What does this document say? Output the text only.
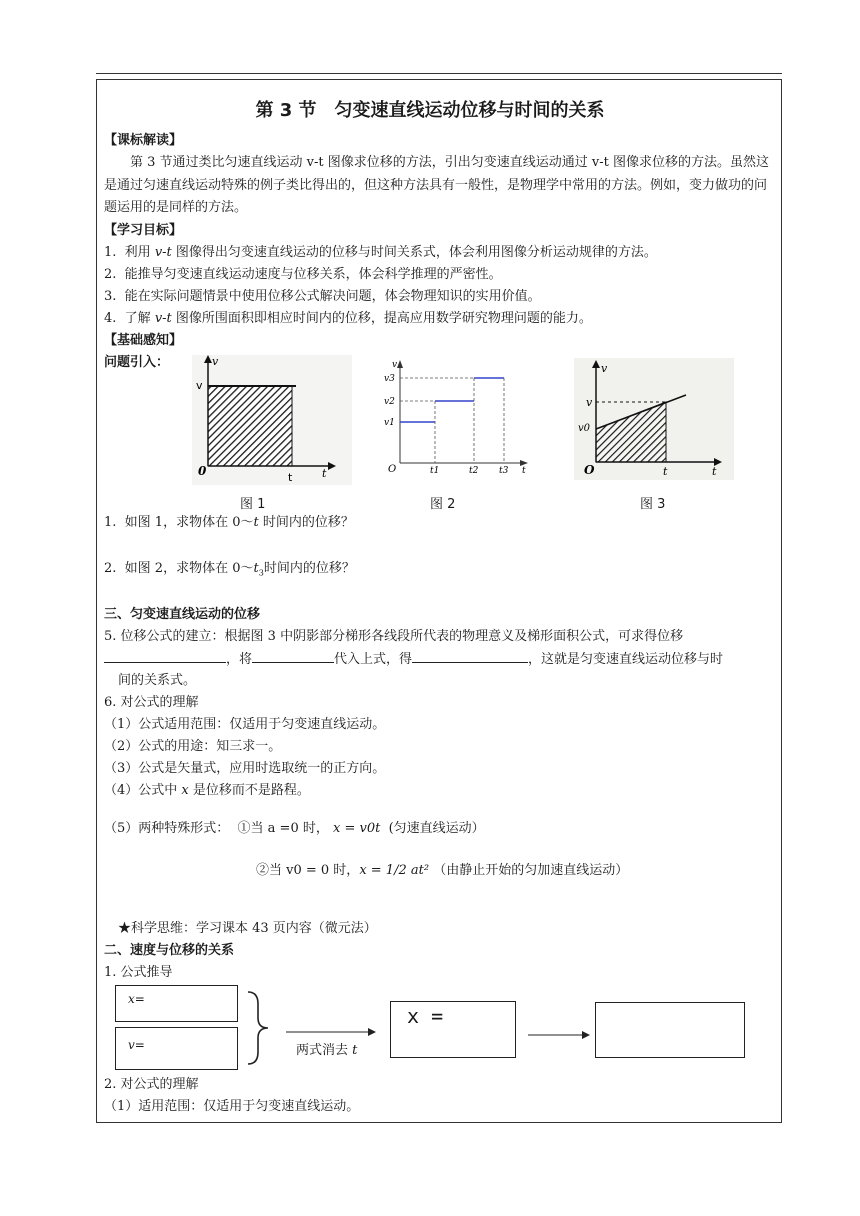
第 3 节　匀变速直线运动位移与时间的关系
【课标解读】
第 3 节通过类比匀速直线运动 v-t 图像求位移的方法，引出匀变速直线运动通过 v-t 图像求位移的方法。虽然这是通过匀速直线运动特殊的例子类比得出的，但这种方法具有一般性，是物理学中常用的方法。例如，变力做功的问题运用的是同样的方法。
【学习目标】
1. 利用 v-t 图像得出匀变速直线运动的位移与时间关系式，体会利用图像分析运动规律的方法。
2. 能推导匀变速直线运动速度与位移关系，体会科学推理的严密性。
3. 能在实际问题情景中使用位移公式解决问题，体会物理知识的实用价值。
4. 了解 v-t 图像所围面积即相应时间内的位移，提高应用数学研究物理问题的能力。
【基础感知】
问题引入：	v
v
0	t	t
图 1
v
v3
v2
v1
O	t1	t2 t3 t
图 2
v
v
v0
O	t	t
图 3
1. 如图 1，求物体在 0～t 时间内的位移？
2. 如图 2，求物体在 $0\sim t_3$时间内的位移？
三、匀变速直线运动的位移
5. 位移公式的建立：根据图 3 中阴影部分梯形各线段所代表的物理意义及梯形面积公式，可求得位移
，将	代入上式，得	，这就是匀变速直线运动位移与时
间的关系式。
6. 对公式的理解
（1）公式适用范围：仅适用于匀变速直线运动。
（2）公式的用途：知三求一。
（3）公式是矢量式，应用时选取统一的正方向。
（4）公式中 x 是位移而不是路程。
（5）两种特殊形式： ①当 a =0 时， x = v0t (匀速直线运动）
②当 v0 = 0 时，x = 1/2 at² （由静止开始的匀加速直线运动）
★科学思维：学习课本 43 页内容（微元法）
二、速度与位移的关系
1. 公式推导
x=
v=	两式消去 t
x =
2. 对公式的理解
（1）适用范围：仅适用于匀变速直线运动。
